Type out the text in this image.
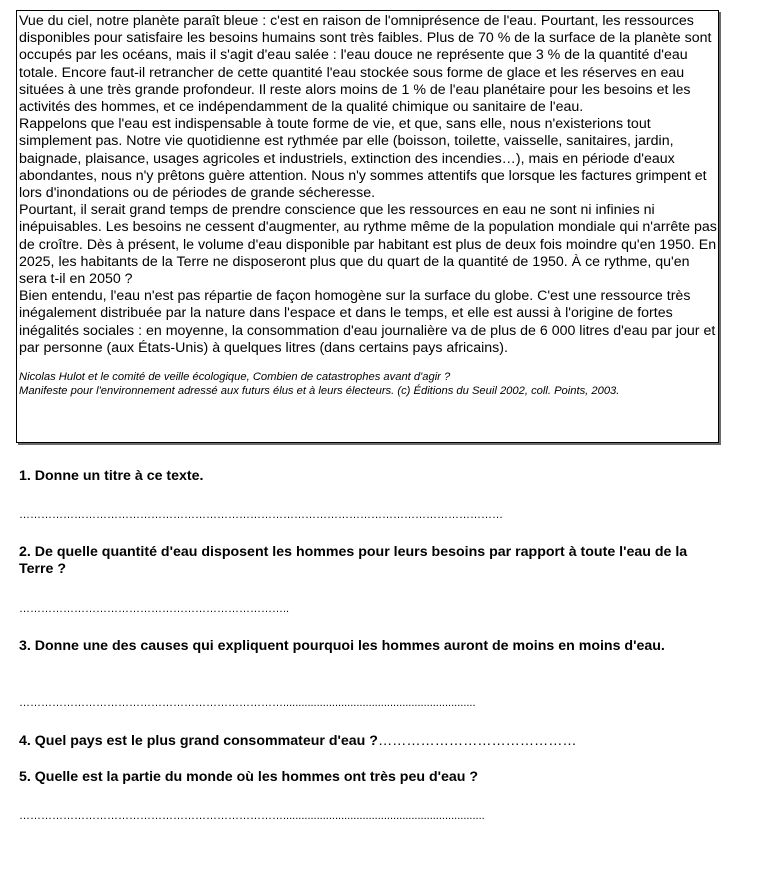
Vue du ciel, notre planète paraît bleue : c'est en raison de l'omniprésence de l'eau. Pourtant, les ressources disponibles pour satisfaire les besoins humains sont très faibles. Plus de 70 % de la surface de la planète sont occupés par les océans, mais il s'agit d'eau salée : l'eau douce ne représente que 3 % de la quantité d'eau totale. Encore faut-il retrancher de cette quantité l'eau stockée sous forme de glace et les réserves en eau situées à une très grande profondeur. Il reste alors moins de 1 % de l'eau planétaire pour les besoins et les activités des hommes, et ce indépendamment de la qualité chimique ou sanitaire de l'eau.

Rappelons que l'eau est indispensable à toute forme de vie, et que, sans elle, nous n'existerions tout simplement pas. Notre vie quotidienne est rythmée par elle (boisson, toilette, vaisselle, sanitaires, jardin, baignade, plaisance, usages agricoles et industriels, extinction des incendies…), mais en période d'eaux abondantes, nous n'y prêtons guère attention. Nous n'y sommes attentifs que lorsque les factures grimpent et lors d'inondations ou de périodes de grande sécheresse.

Pourtant, il serait grand temps de prendre conscience que les ressources en eau ne sont ni infinies ni inépuisables. Les besoins ne cessent d'augmenter, au rythme même de la population mondiale qui n'arrête pas de croître. Dès à présent, le volume d'eau disponible par habitant est plus de deux fois moindre qu'en 1950. En 2025, les habitants de la Terre ne disposeront plus que du quart de la quantité de 1950. À ce rythme, qu'en sera t-il en 2050 ?

Bien entendu, l'eau n'est pas répartie de façon homogène sur la surface du globe. C'est une ressource très inégalement distribuée par la nature dans l'espace et dans le temps, et elle est aussi à l'origine de fortes inégalités sociales : en moyenne, la consommation d'eau journalière va de plus de 6 000 litres d'eau par jour et par personne (aux États-Unis) à quelques litres (dans certains pays africains).

Nicolas Hulot et le comité de veille écologique, Combien de catastrophes avant d'agir ?
Manifeste pour l'environnement adressé aux futurs élus et à leurs électeurs. (c) Éditions du Seuil 2002, coll. Points, 2003.
1. Donne un titre à ce texte.
……………………………………………………………………………………………………………………
2. De quelle quantité d'eau disposent les hommes pour leurs besoins par rapport à toute l'eau de la Terre ?
………………………………………………………………..
3. Donne une des causes qui expliquent pourquoi les hommes auront de moins en moins d'eau.
………………………………………………………………...............................................................
4. Quel pays est le plus grand consommateur d'eau ?……………………………………
5. Quelle est la partie du monde où les hommes ont très peu d'eau ?
………………………………………………………………..................................................................
